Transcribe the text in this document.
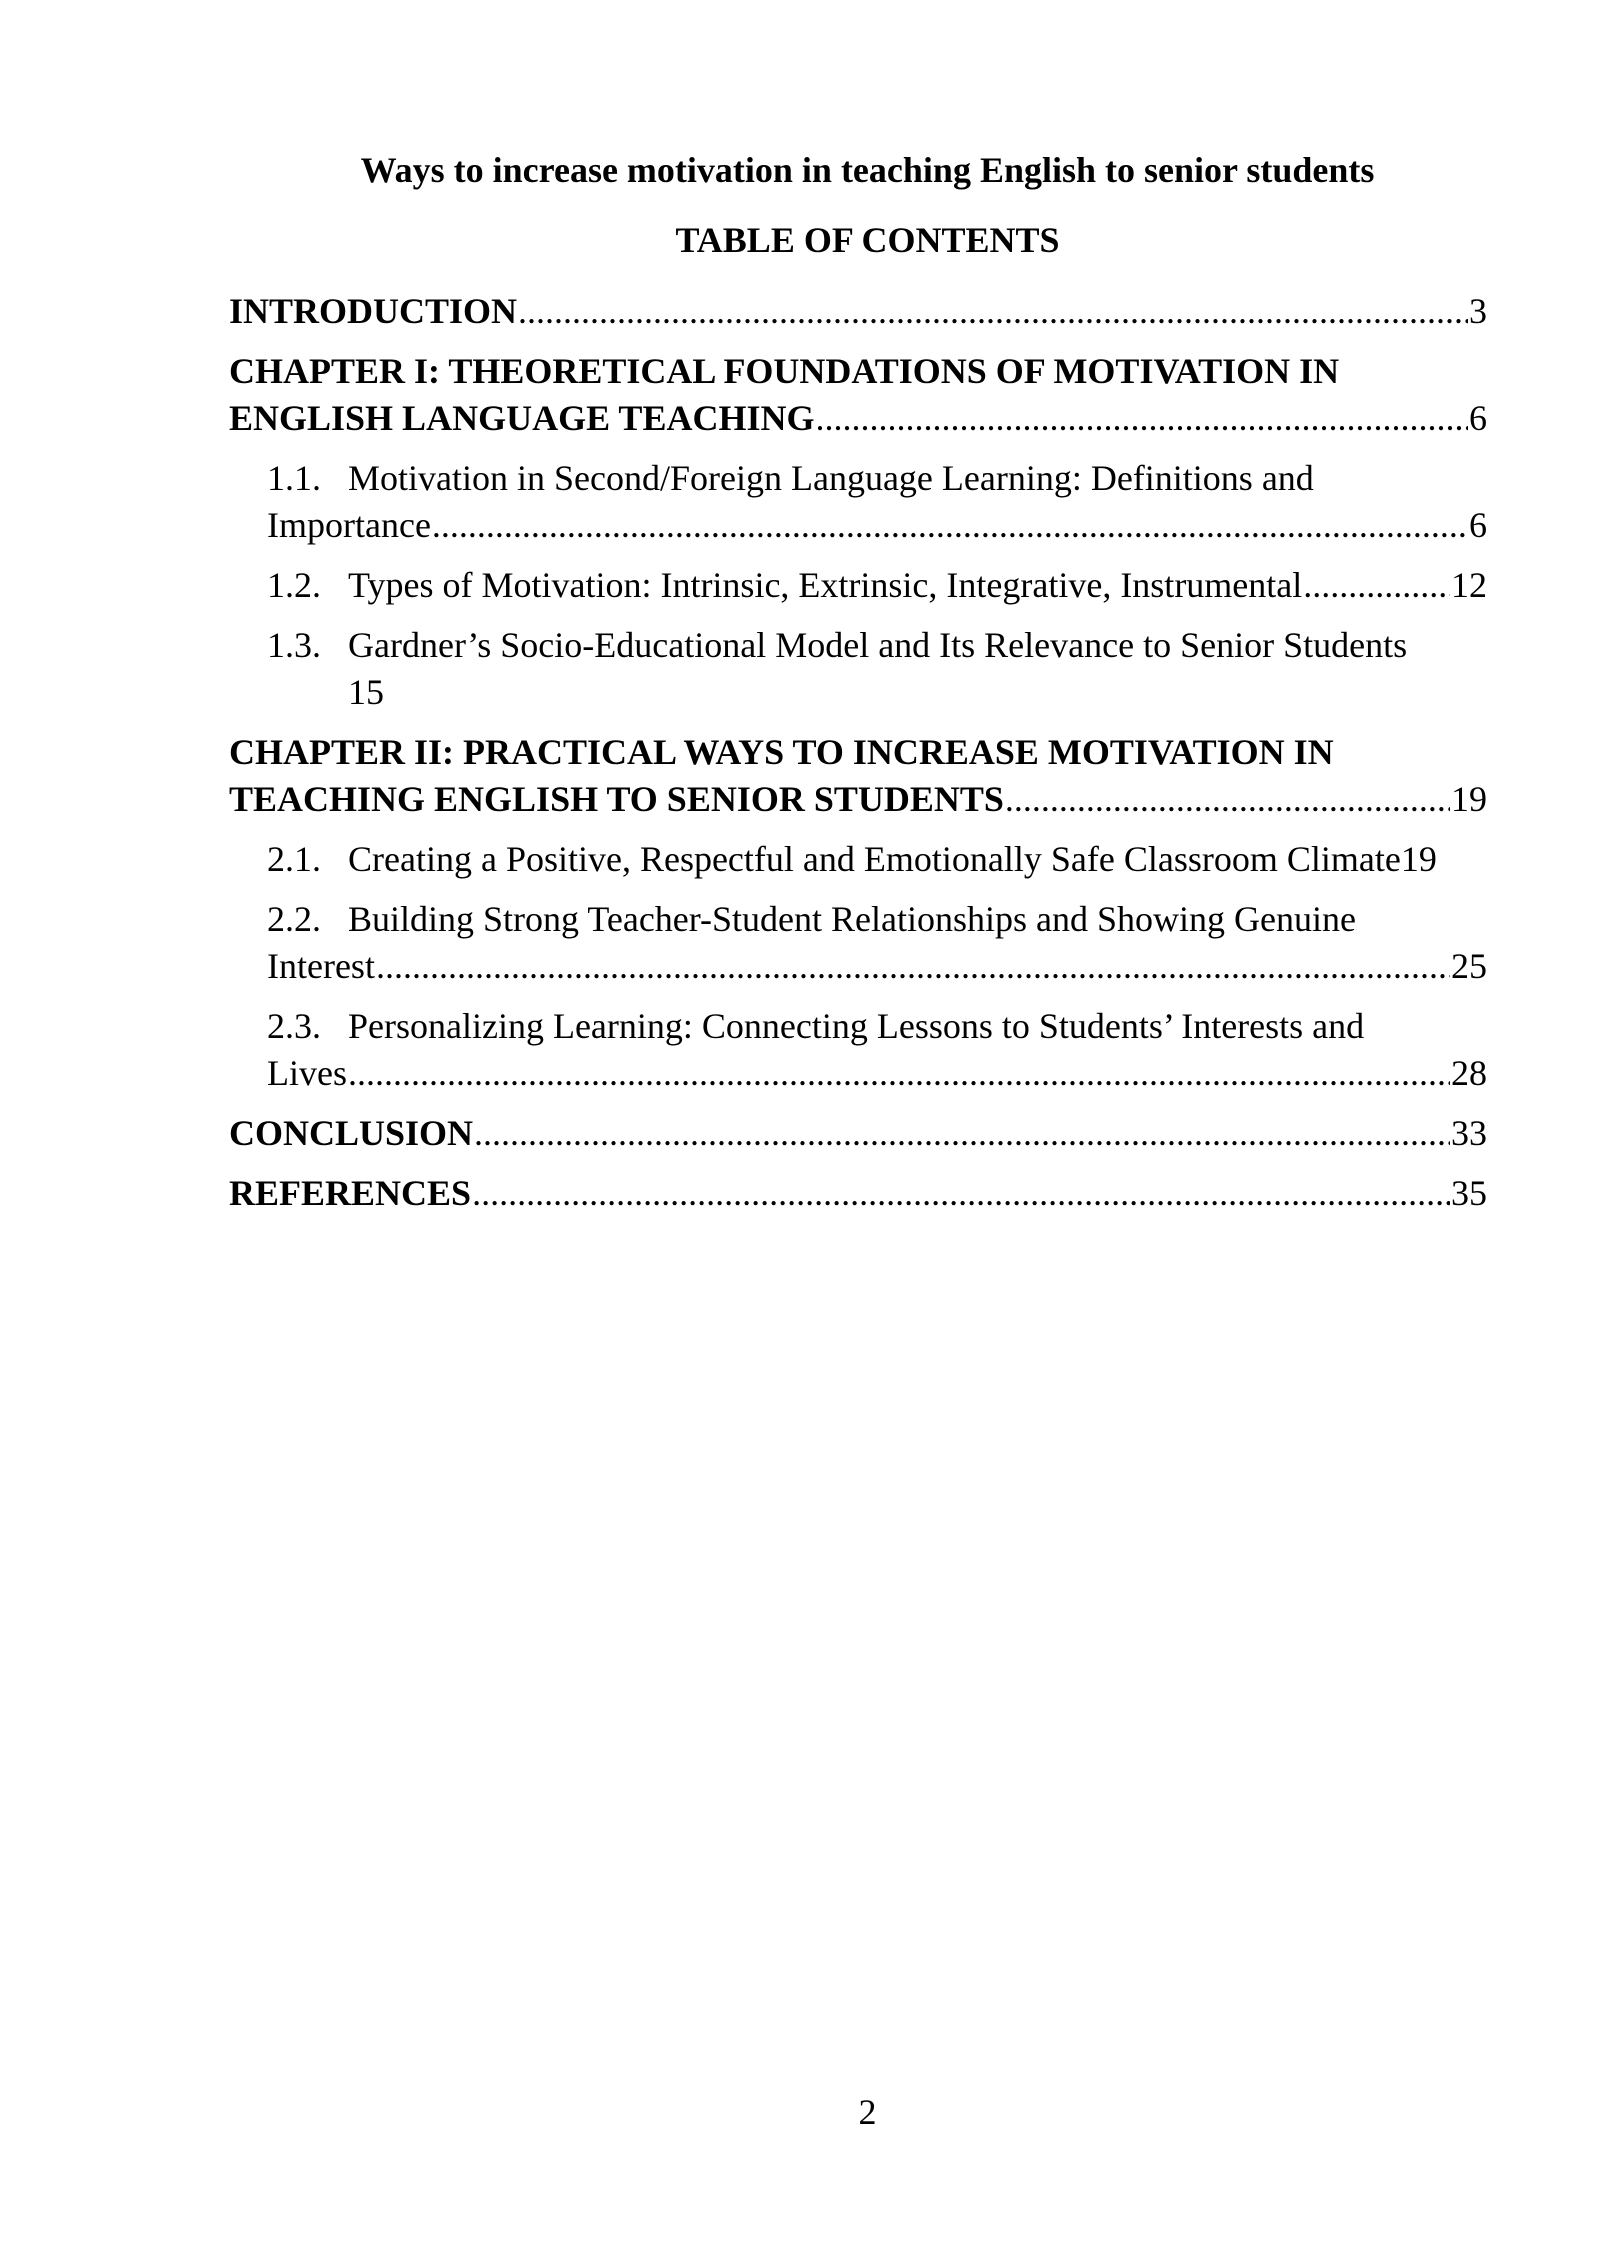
Ways to increase motivation in teaching English to senior students
TABLE OF CONTENTS
INTRODUCTION .....	3
CHAPTER I: THEORETICAL FOUNDATIONS OF MOTIVATION IN
ENGLISH LANGUAGE TEACHING .....	6
1.1. Motivation in Second/Foreign Language Learning: Definitions and
Importance .....	6
1.2. Types of Motivation: Intrinsic, Extrinsic, Integrative, Instrumental .....	12
1.3. Gardner’s Socio-Educational Model and Its Relevance to Senior Students
15
CHAPTER II: PRACTICAL WAYS TO INCREASE MOTIVATION IN
TEACHING ENGLISH TO SENIOR STUDENTS .....	19
2.1. Creating a Positive, Respectful and Emotionally Safe Classroom Climate 19
2.2. Building Strong Teacher-Student Relationships and Showing Genuine
Interest .....	25
2.3. Personalizing Learning: Connecting Lessons to Students’ Interests and
Lives .....	28
CONCLUSION .....	33
REFERENCES .....	35
2
